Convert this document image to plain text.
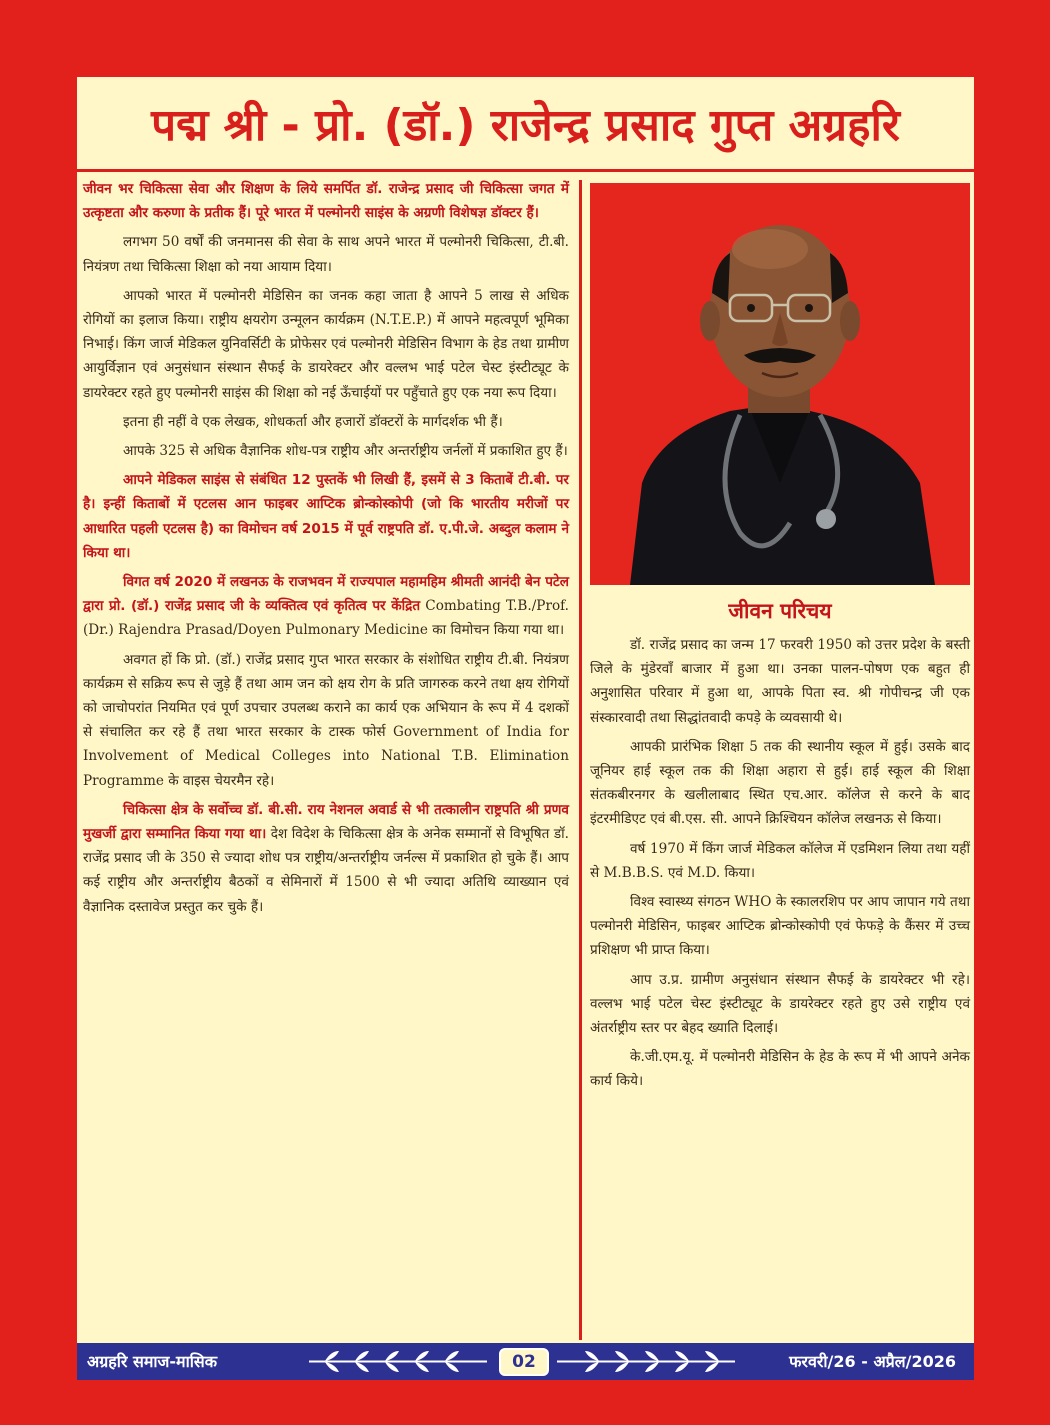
पद्म श्री - प्रो. (डॉ.) राजेन्द्र प्रसाद गुप्त अग्रहरि

जीवन भर चिकित्सा सेवा और शिक्षण के लिये समर्पित डॉ. राजेन्द्र प्रसाद जी चिकित्सा जगत में उत्कृष्टता और करुणा के प्रतीक हैं। पूरे भारत में पल्मोनरी साइंस के अग्रणी विशेषज्ञ डॉक्टर हैं।

लगभग 50 वर्षों की जनमानस की सेवा के साथ अपने भारत में पल्मोनरी चिकित्सा, टी.बी. नियंत्रण तथा चिकित्सा शिक्षा को नया आयाम दिया।

आपको भारत में पल्मोनरी मेडिसिन का जनक कहा जाता है आपने 5 लाख से अधिक रोगियों का इलाज किया। राष्ट्रीय क्षयरोग उन्मूलन कार्यक्रम (N.T.E.P.) में आपने महत्वपूर्ण भूमिका निभाई। किंग जार्ज मेडिकल युनिवर्सिटी के प्रोफेसर एवं पल्मोनरी मेडिसिन विभाग के हेड तथा ग्रामीण आयुर्विज्ञान एवं अनुसंधान संस्थान सैफई के डायरेक्टर और वल्लभ भाई पटेल चेस्ट इंस्टीट्यूट के डायरेक्टर रहते हुए पल्मोनरी साइंस की शिक्षा को नई ऊँचाईयों पर पहुँचाते हुए एक नया रूप दिया।

इतना ही नहीं वे एक लेखक, शोधकर्ता और हजारों डॉक्टरों के मार्गदर्शक भी हैं।

आपके 325 से अधिक वैज्ञानिक शोध-पत्र राष्ट्रीय और अन्तर्राष्ट्रीय जर्नलों में प्रकाशित हुए हैं।

आपने मेडिकल साइंस से संबंधित 12 पुस्तकें भी लिखी हैं, इसमें से 3 किताबें टी.बी. पर है। इन्हीं किताबों में एटलस आन फाइबर आप्टिक ब्रोन्कोस्कोपी (जो कि भारतीय मरीजों पर आधारित पहली एटलस है) का विमोचन वर्ष 2015 में पूर्व राष्ट्रपति डॉ. ए.पी.जे. अब्दुल कलाम ने किया था।

विगत वर्ष 2020 में लखनऊ के राजभवन में राज्यपाल महामहिम श्रीमती आनंदी बेन पटेल द्वारा प्रो. (डॉ.) राजेंद्र प्रसाद जी के व्यक्तित्व एवं कृतित्व पर केंद्रित Combating T.B./Prof. (Dr.) Rajendra Prasad/Doyen Pulmonary Medicine का विमोचन किया गया था।

अवगत हों कि प्रो. (डॉ.) राजेंद्र प्रसाद गुप्त भारत सरकार के संशोधित राष्ट्रीय टी.बी. नियंत्रण कार्यक्रम से सक्रिय रूप से जुड़े हैं तथा आम जन को क्षय रोग के प्रति जागरुक करने तथा क्षय रोगियों को जाचोपरांत नियमित एवं पूर्ण उपचार उपलब्ध कराने का कार्य एक अभियान के रूप में 4 दशकों से संचालित कर रहे हैं तथा भारत सरकार के टास्क फोर्स Government of India for Involvement of Medical Colleges into National T.B. Elimination Programme के वाइस चेयरमैन रहे।

चिकित्सा क्षेत्र के सर्वोच्च डॉ. बी.सी. राय नेशनल अवार्ड से भी तत्कालीन राष्ट्रपति श्री प्रणव मुखर्जी द्वारा सम्मानित किया गया था। देश विदेश के चिकित्सा क्षेत्र के अनेक सम्मानों से विभूषित डॉ. राजेंद्र प्रसाद जी के 350 से ज्यादा शोध पत्र राष्ट्रीय/अन्तर्राष्ट्रीय जर्नल्स में प्रकाशित हो चुके हैं। आप कई राष्ट्रीय और अन्तर्राष्ट्रीय बैठकों व सेमिनारों में 1500 से भी ज्यादा अतिथि व्याख्यान एवं वैज्ञानिक दस्तावेज प्रस्तुत कर चुके हैं।

जीवन परिचय

डॉ. राजेंद्र प्रसाद का जन्म 17 फरवरी 1950 को उत्तर प्रदेश के बस्ती जिले के मुंडेरवाँ बाजार में हुआ था। उनका पालन-पोषण एक बहुत ही अनुशासित परिवार में हुआ था, आपके पिता स्व. श्री गोपीचन्द्र जी एक संस्कारवादी तथा सिद्धांतवादी कपड़े के व्यवसायी थे।

आपकी प्रारंभिक शिक्षा 5 तक की स्थानीय स्कूल में हुई। उसके बाद जूनियर हाई स्कूल तक की शिक्षा अहारा से हुई। हाई स्कूल की शिक्षा संतकबीरनगर के खलीलाबाद स्थित एच.आर. कॉलेज से करने के बाद इंटरमीडिएट एवं बी.एस. सी. आपने क्रिश्चियन कॉलेज लखनऊ से किया।

वर्ष 1970 में किंग जार्ज मेडिकल कॉलेज में एडमिशन लिया तथा यहीं से M.B.B.S. एवं M.D. किया।

विश्व स्वास्थ्य संगठन WHO के स्कालरशिप पर आप जापान गये तथा पल्मोनरी मेडिसिन, फाइबर आप्टिक ब्रोन्कोस्कोपी एवं फेफड़े के कैंसर में उच्च प्रशिक्षण भी प्राप्त किया।

आप उ.प्र. ग्रामीण अनुसंधान संस्थान सैफई के डायरेक्टर भी रहे। वल्लभ भाई पटेल चेस्ट इंस्टीट्यूट के डायरेक्टर रहते हुए उसे राष्ट्रीय एवं अंतर्राष्ट्रीय स्तर पर बेहद ख्याति दिलाई।

के.जी.एम.यू. में पल्मोनरी मेडिसिन के हेड के रूप में भी आपने अनेक कार्य किये।

अग्रहरि समाज-मासिक	02	फरवरी/26 - अप्रैल/2026
